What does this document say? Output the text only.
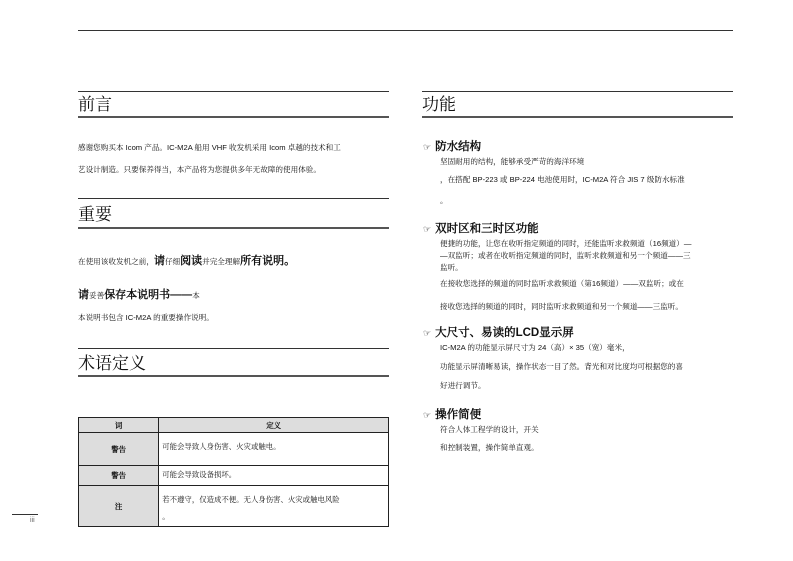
前言
感谢您购买本 Icom 产品。IC-M2A 船用 VHF 收发机采用 Icom 卓越的技术和工
艺设计制造。只要保养得当，本产品将为您提供多年无故障的使用体验。
重要
在使用该收发机之前，请仔细阅读并完全理解所有说明。
请妥善保存本说明书——本
本说明书包含 IC-M2A 的重要操作说明。
术语定义
词	定义
警告	可能会导致人身伤害、火灾或触电。
警告	可能会导致设备损坏。
注	若不遵守，仅造成不便。无人身伤害、火灾或触电风险
。
功能
☞ 防水结构
坚固耐用的结构，能够承受严苛的海洋环境
，在搭配 BP-223 或 BP-224 电池使用时，IC-M2A 符合 JIS 7 级防水标准
。
☞ 双时区和三时区功能
便捷的功能，让您在收听指定频道的同时，还能监听求救频道（16频道）—
—双监听；或者在收听指定频道的同时，监听求救频道和另一个频道——三
监听。
在接收您选择的频道的同时监听求救频道（第16频道）——双监听；或在
接收您选择的频道的同时，同时监听求救频道和另一个频道——三监听。
☞ 大尺寸、易读的LCD显示屏
IC-M2A 的功能显示屏尺寸为 24（高）× 35（宽）毫米，
功能显示屏清晰易读，操作状态一目了然。背光和对比度均可根据您的喜
好进行调节。
☞ 操作简便
符合人体工程学的设计，开关
和控制装置，操作简单直观。
iii
